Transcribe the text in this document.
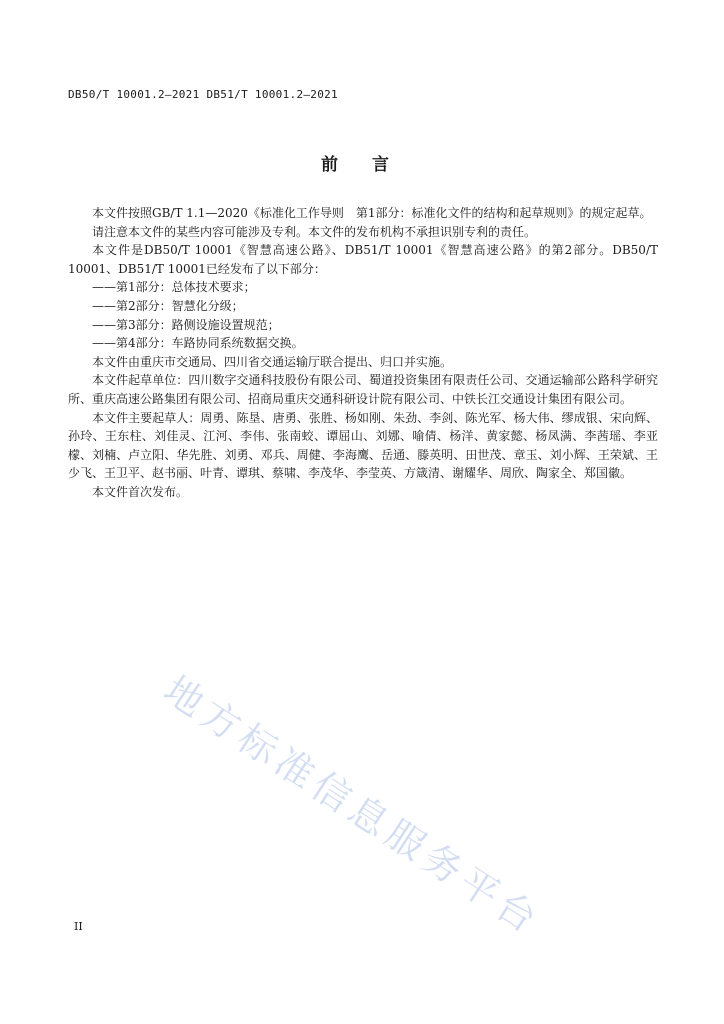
DB50/T 10001.2—2021 DB51/T 10001.2—2021
前 言

本文件按照GB/T 1.1—2020《标准化工作导则　第1部分：标准化文件的结构和起草规则》的规定起草。

请注意本文件的某些内容可能涉及专利。本文件的发布机构不承担识别专利的责任。

本文件是DB50/T 10001《智慧高速公路》、DB51/T 10001《智慧高速公路》的第2部分。DB50/T 10001、DB51/T 10001已经发布了以下部分：

——第1部分：总体技术要求；

——第2部分：智慧化分级；

——第3部分：路侧设施设置规范；

——第4部分：车路协同系统数据交换。

本文件由重庆市交通局、四川省交通运输厅联合提出、归口并实施。

本文件起草单位：四川数字交通科技股份有限公司、蜀道投资集团有限责任公司、交通运输部公路科学研究所、重庆高速公路集团有限公司、招商局重庆交通科研设计院有限公司、中铁长江交通设计集团有限公司。

本文件主要起草人：周勇、陈垦、唐勇、张胜、杨如刚、朱劲、李剑、陈光军、杨大伟、缪成银、宋向辉、孙玲、王东柱、刘佳灵、江河、李伟、张南蛟、谭屈山、刘娜、喻倩、杨洋、黄家懿、杨凤满、李茜瑶、李亚檬、刘楠、卢立阳、华先胜、刘勇、邓兵、周健、李海鹰、岳通、滕英明、田世茂、章玉、刘小辉、王荣斌、王少飞、王卫平、赵书丽、叶青、谭琪、蔡啸、李茂华、李莹英、方箴清、谢耀华、周欣、陶家全、郑国徽。

本文件首次发布。

地方标准信息服务平台
II
